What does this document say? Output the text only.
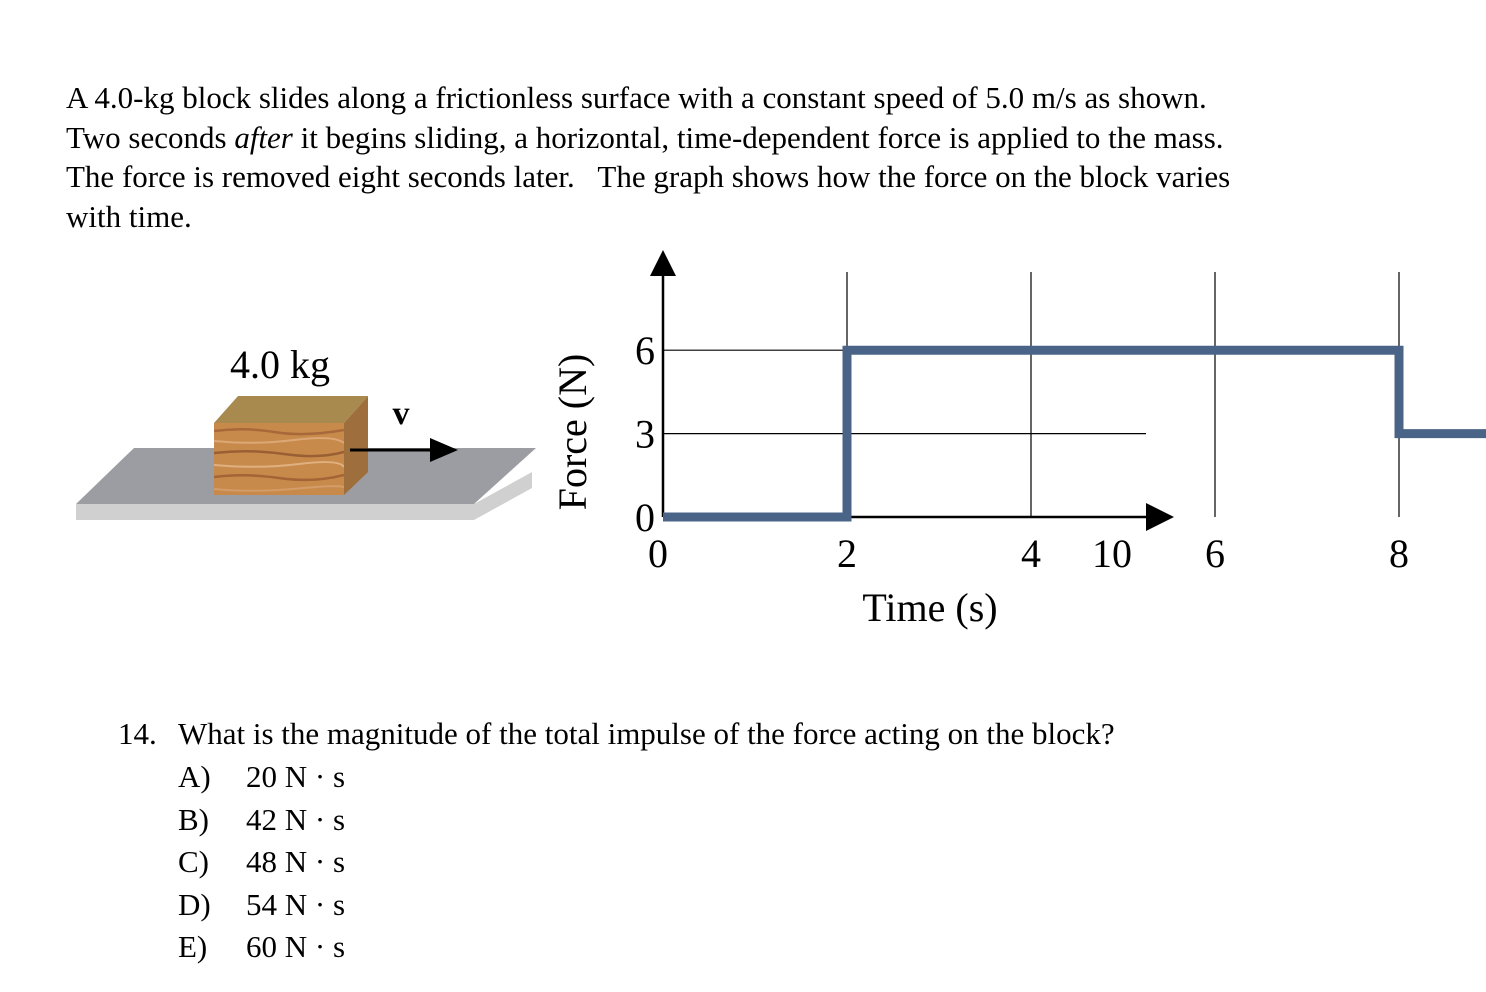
A 4.0-kg block slides along a frictionless surface with a constant speed of 5.0 m/s as shown.
Two seconds after it begins sliding, a horizontal, time-dependent force is applied to the mass.
The force is removed eight seconds later.   The graph shows how the force on the block varies
with time.

4.0 kg
v
0	2	4	6	8
10
0
3
6
Force (N)
Time (s)
14. What is the magnitude of the total impulse of the force acting on the block?
A) 20 N · s
B) 42 N · s
C) 48 N · s
D) 54 N · s
E) 60 N · s
